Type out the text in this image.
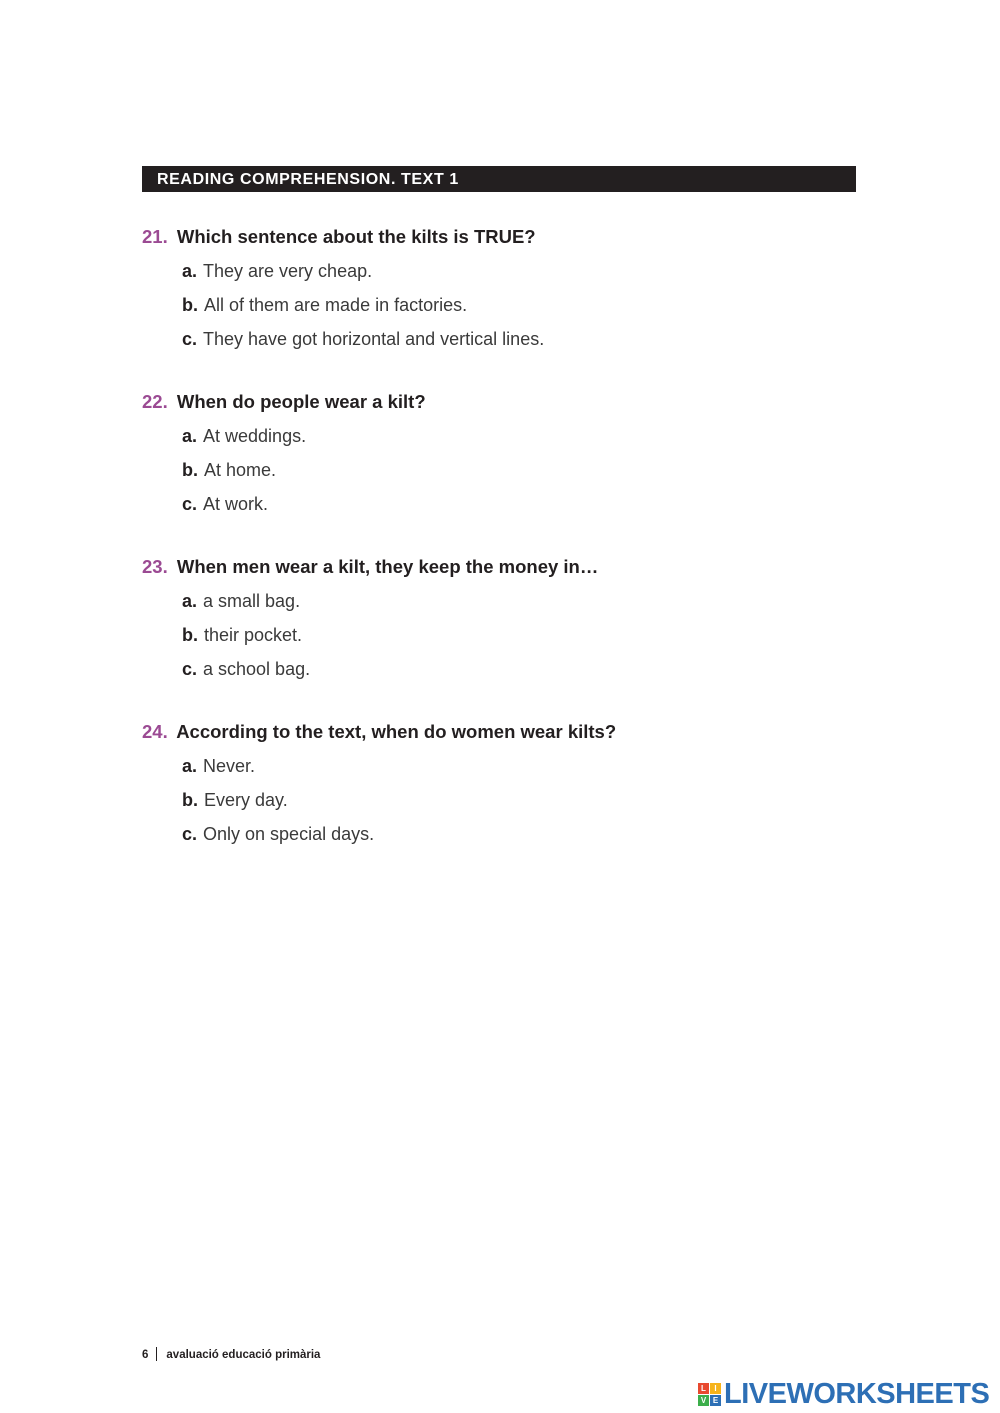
READING COMPREHENSION. TEXT 1
21. Which sentence about the kilts is TRUE?
a. They are very cheap.
b. All of them are made in factories.
c. They have got horizontal and vertical lines.
22. When do people wear a kilt?
a. At weddings.
b. At home.
c. At work.
23. When men wear a kilt, they keep the money in…
a. a small bag.
b. their pocket.
c. a school bag.
24. According to the text, when do women wear kilts?
a. Never.
b. Every day.
c. Only on special days.
6 avaluació educació primària
L	I
V E LIVEWORKSHEETS
